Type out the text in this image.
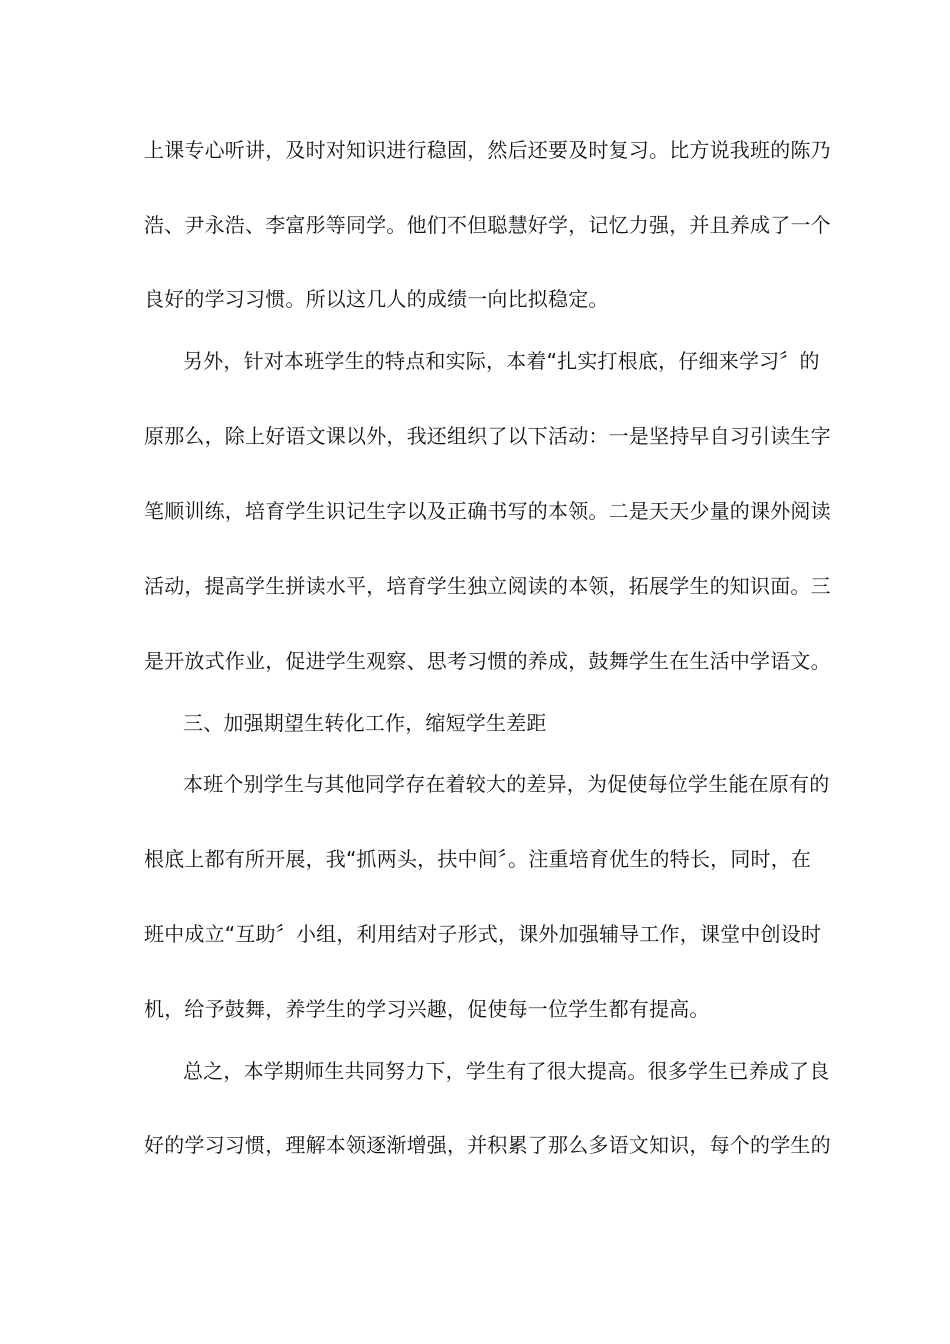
上课专心听讲，及时对知识进行稳固，然后还要及时复习。比方说我班的陈乃
浩、尹永浩、李富彤等同学。他们不但聪慧好学，记忆力强，并且养成了一个
良好的学习习惯。所以这几人的成绩一向比拟稳定。
另外，针对本班学生的特点和实际，本着“扎实打根底，仔细来学习〞的
原那么，除上好语文课以外，我还组织了以下活动：一是坚持早自习引读生字
笔顺训练，培育学生识记生字以及正确书写的本领。二是天天少量的课外阅读
活动，提高学生拼读水平，培育学生独立阅读的本领，拓展学生的知识面。三
是开放式作业，促进学生观察、思考习惯的养成，鼓舞学生在生活中学语文。
三、加强期望生转化工作，缩短学生差距
本班个别学生与其他同学存在着较大的差异，为促使每位学生能在原有的
根底上都有所开展，我“抓两头，扶中间〞。注重培育优生的特长，同时，在
班中成立“互助〞小组，利用结对子形式，课外加强辅导工作，课堂中创设时
机，给予鼓舞，养学生的学习兴趣，促使每一位学生都有提高。
总之，本学期师生共同努力下，学生有了很大提高。很多学生已养成了良
好的学习习惯，理解本领逐渐增强，并积累了那么多语文知识，每个的学生的
